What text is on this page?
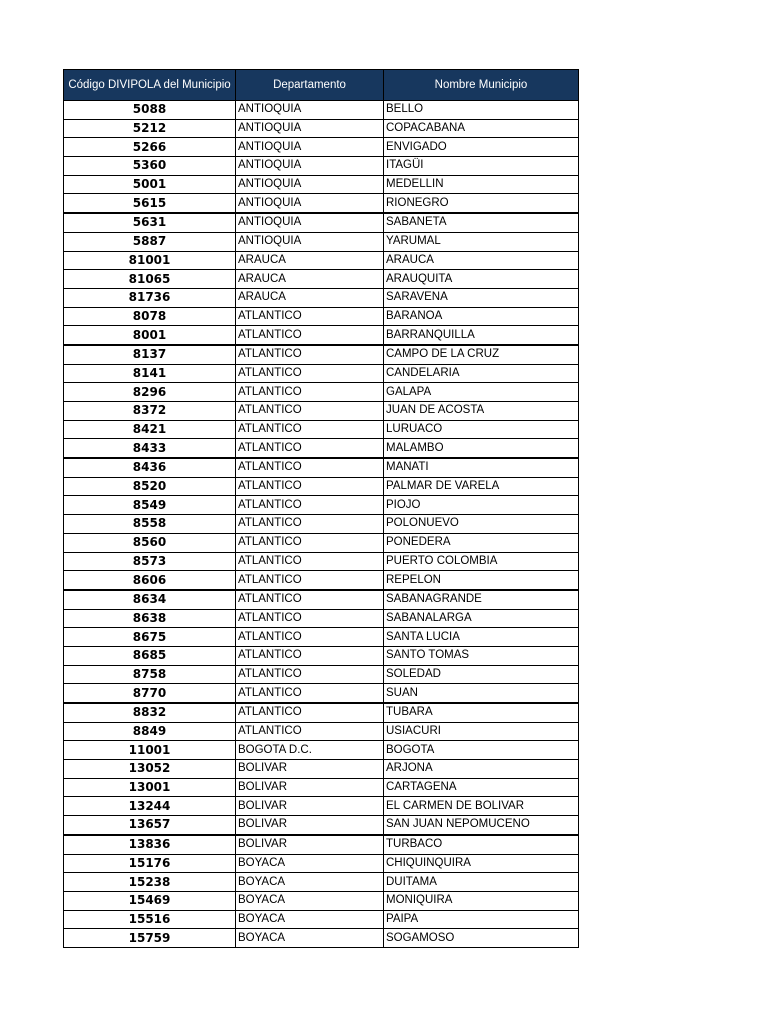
Código DIVIPOLA del Municipio	Departamento	Nombre Municipio
5088	ANTIOQUIA	BELLO
5212	ANTIOQUIA	COPACABANA
5266	ANTIOQUIA	ENVIGADO
5360	ANTIOQUIA	ITAGÜI
5001	ANTIOQUIA	MEDELLIN
5615	ANTIOQUIA	RIONEGRO
5631	ANTIOQUIA	SABANETA
5887	ANTIOQUIA	YARUMAL
81001	ARAUCA	ARAUCA
81065	ARAUCA	ARAUQUITA
81736	ARAUCA	SARAVENA
8078	ATLANTICO	BARANOA
8001	ATLANTICO	BARRANQUILLA
8137	ATLANTICO	CAMPO DE LA CRUZ
8141	ATLANTICO	CANDELARIA
8296	ATLANTICO	GALAPA
8372	ATLANTICO	JUAN DE ACOSTA
8421	ATLANTICO	LURUACO
8433	ATLANTICO	MALAMBO
8436	ATLANTICO	MANATI
8520	ATLANTICO	PALMAR DE VARELA
8549	ATLANTICO	PIOJO
8558	ATLANTICO	POLONUEVO
8560	ATLANTICO	PONEDERA
8573	ATLANTICO	PUERTO COLOMBIA
8606	ATLANTICO	REPELON
8634	ATLANTICO	SABANAGRANDE
8638	ATLANTICO	SABANALARGA
8675	ATLANTICO	SANTA LUCIA
8685	ATLANTICO	SANTO TOMAS
8758	ATLANTICO	SOLEDAD
8770	ATLANTICO	SUAN
8832	ATLANTICO	TUBARA
8849	ATLANTICO	USIACURI
11001	BOGOTA D.C.	BOGOTA
13052	BOLIVAR	ARJONA
13001	BOLIVAR	CARTAGENA
13244	BOLIVAR	EL CARMEN DE BOLIVAR
13657	BOLIVAR	SAN JUAN NEPOMUCENO
13836	BOLIVAR	TURBACO
15176	BOYACA	CHIQUINQUIRA
15238	BOYACA	DUITAMA
15469	BOYACA	MONIQUIRA
15516	BOYACA	PAIPA
15759	BOYACA	SOGAMOSO
